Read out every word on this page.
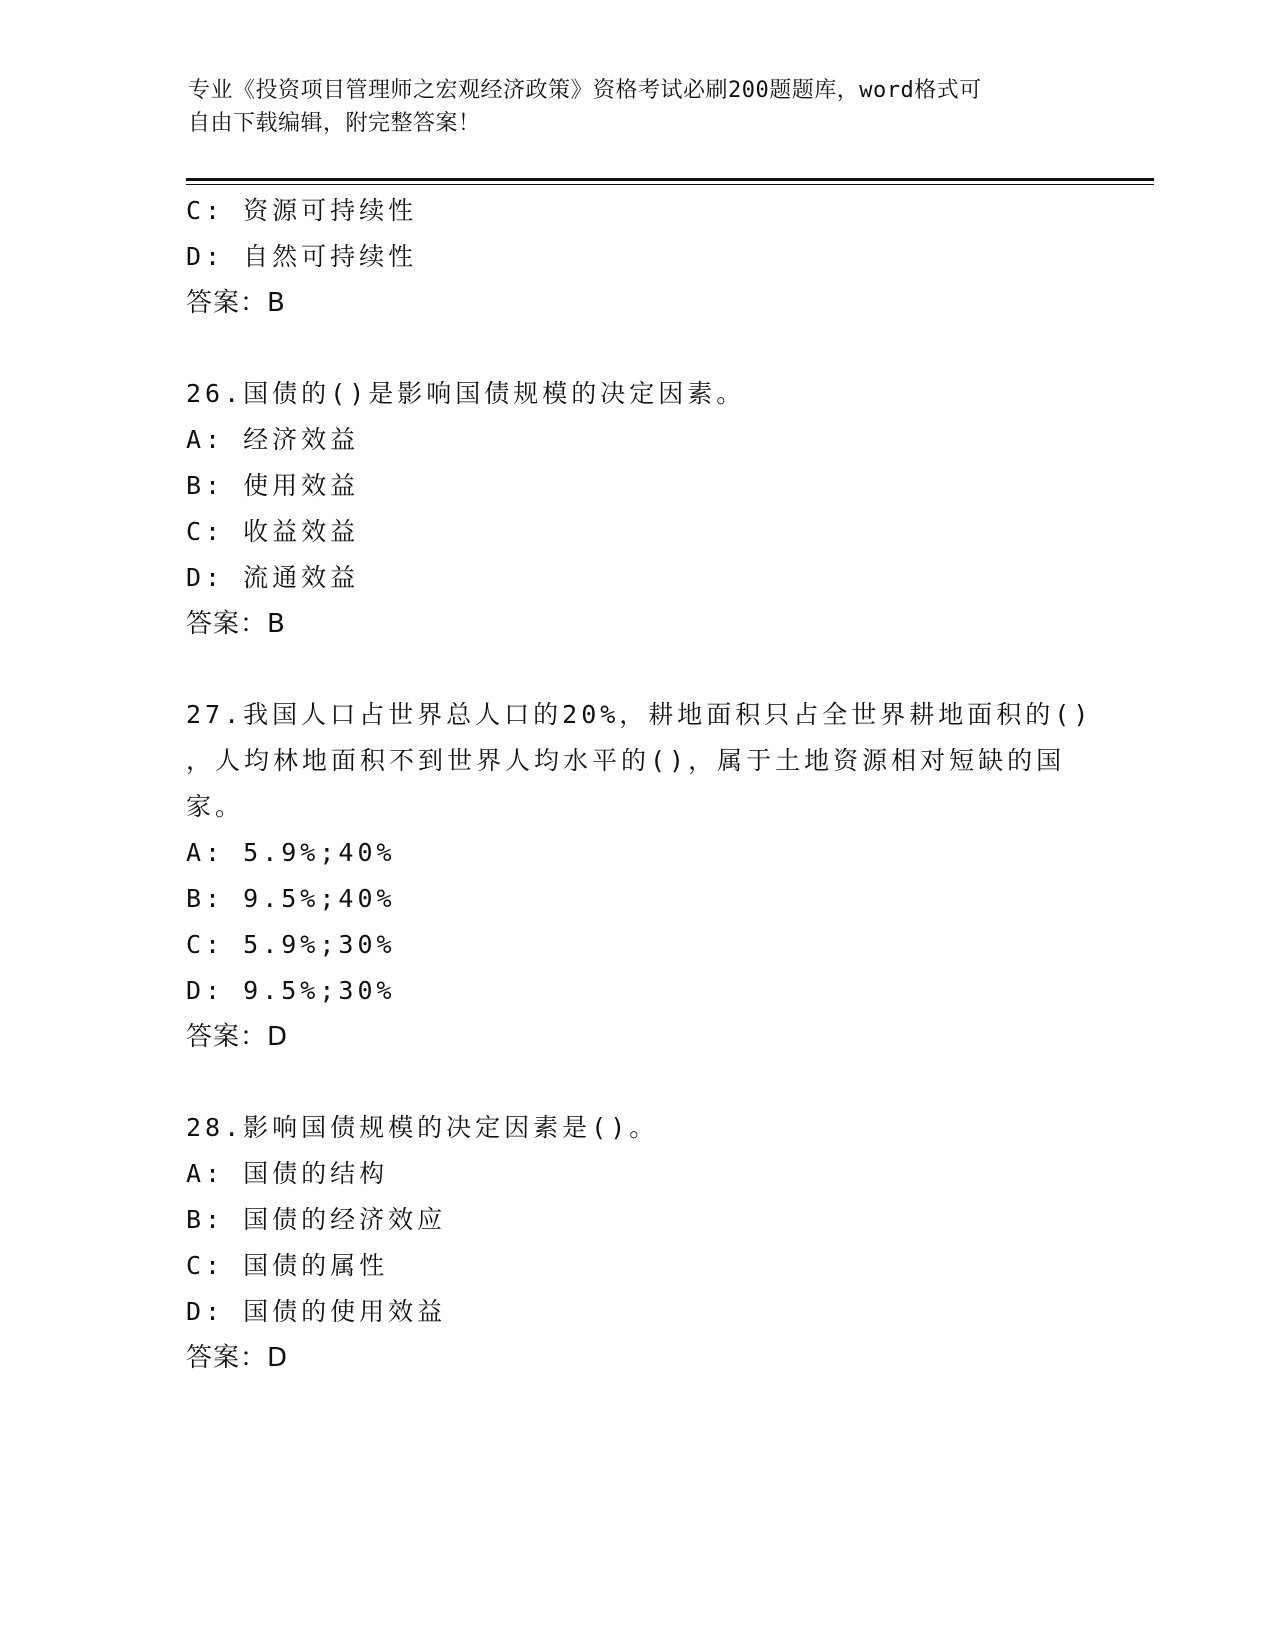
专业《投资项目管理师之宏观经济政策》资格考试必刷200题题库，word格式可
自由下载编辑，附完整答案！
C: 资源可持续性
D: 自然可持续性
答案：B
26.国债的()是影响国债规模的决定因素。
A: 经济效益
B: 使用效益
C: 收益效益
D: 流通效益
答案：B
27.我国人口占世界总人口的20%，耕地面积只占全世界耕地面积的()
，人均林地面积不到世界人均水平的()，属于土地资源相对短缺的国
家。
A: 5.9%;40%
B: 9.5%;40%
C: 5.9%;30%
D: 9.5%;30%
答案：D
28.影响国债规模的决定因素是()。
A: 国债的结构
B: 国债的经济效应
C: 国债的属性
D: 国债的使用效益
答案：D
